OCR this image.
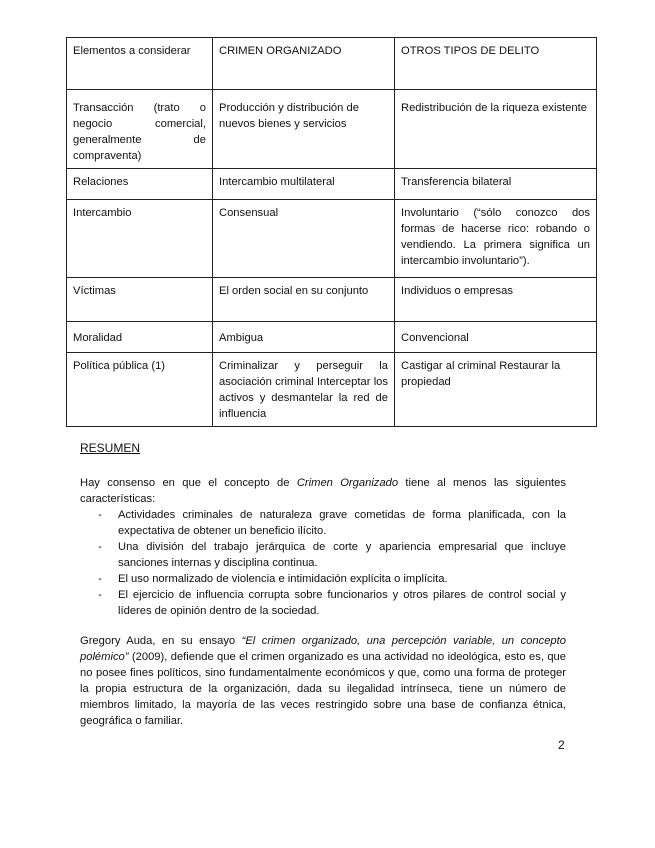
Elementos a considerar	CRIMEN ORGANIZADO	OTROS TIPOS DE DELITO
Transacción (trato o negocio comercial, generalmente de compraventa)	Producción y distribución de nuevos bienes y servicios	Redistribución de la riqueza existente
Relaciones	Intercambio multilateral	Transferencia bilateral
Intercambio	Consensual	Involuntario (“sólo conozco dos formas de hacerse rico: robando o vendiendo. La primera significa un intercambio involuntario”).
Víctimas	El orden social en su conjunto	Individuos o empresas
Moralidad	Ambigua	Convencional
Política pública (1)	Criminalizar y perseguir la asociación criminal Interceptar los activos y desmantelar la red de influencia	Castigar al criminal Restaurar la propiedad
RESUMEN

Hay consenso en que el concepto de Crimen Organizado tiene al menos las siguientes características:

- Actividades criminales de naturaleza grave cometidas de forma planificada, con la expectativa de obtener un beneficio ilícito.
- Una división del trabajo jerárquica de corte y apariencia empresarial que incluye sanciones internas y disciplina continua.
- El uso normalizado de violencia e intimidación explícita o implícita.
- El ejercicio de influencia corrupta sobre funcionarios y otros pilares de control social y líderes de opinión dentro de la sociedad.

Gregory Auda, en su ensayo “El crimen organizado, una percepción variable, un concepto polémico” (2009), defiende que el crimen organizado es una actividad no ideológica, esto es, que no posee fines políticos, sino fundamentalmente económicos y que, como una forma de proteger la propia estructura de la organización, dada su ilegalidad intrínseca, tiene un número de miembros limitado, la mayoría de las veces restringido sobre una base de confianza étnica, geográfica o familiar.

2
